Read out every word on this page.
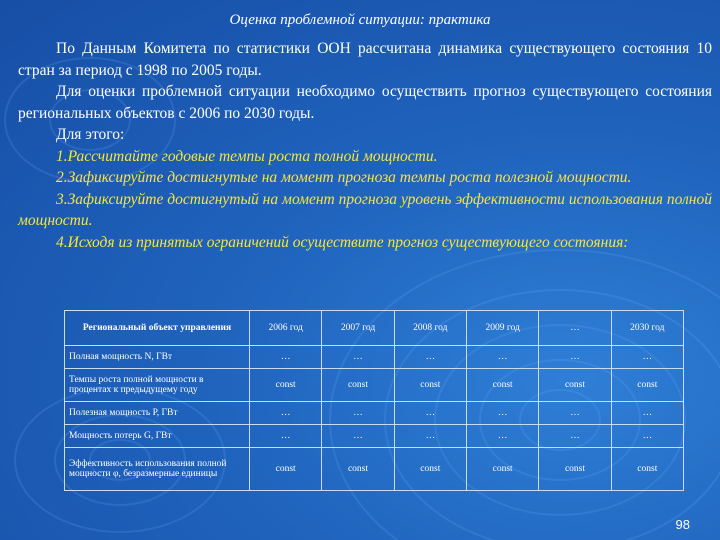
Оценка проблемной ситуации: практика

По Данным Комитета по статистики ООН рассчитана динамика существующего состояния 10 стран за период с 1998 по 2005 годы.

Для оценки проблемной ситуации необходимо осуществить прогноз существующего состояния региональных объектов с 2006 по 2030 годы.

Для этого:

1.Рассчитайте годовые темпы роста полной мощности.

2.Зафиксируйте достигнутые на момент прогноза темпы роста полезной мощности.

3.Зафиксируйте достигнутый на момент прогноза уровень эффективности использования полной мощности.

4.Исходя из принятых ограничений осуществите прогноз существующего состояния:

Региональный объект управления	2006 год	2007 год	2008 год	2009 год	…	2030 год
Полная мощность N, ГВт	…	…	…	…	…	…
Темпы роста полной мощности в процентах к предыдущему году	const	const	const	const	const	const
Полезная мощность P, ГВт	…	…	…	…	…	…
Мощность потерь G, ГВт	…	…	…	…	…	…
Эффективность использования полной мощности φ, безразмерные единицы	const	const	const	const	const	const
98
